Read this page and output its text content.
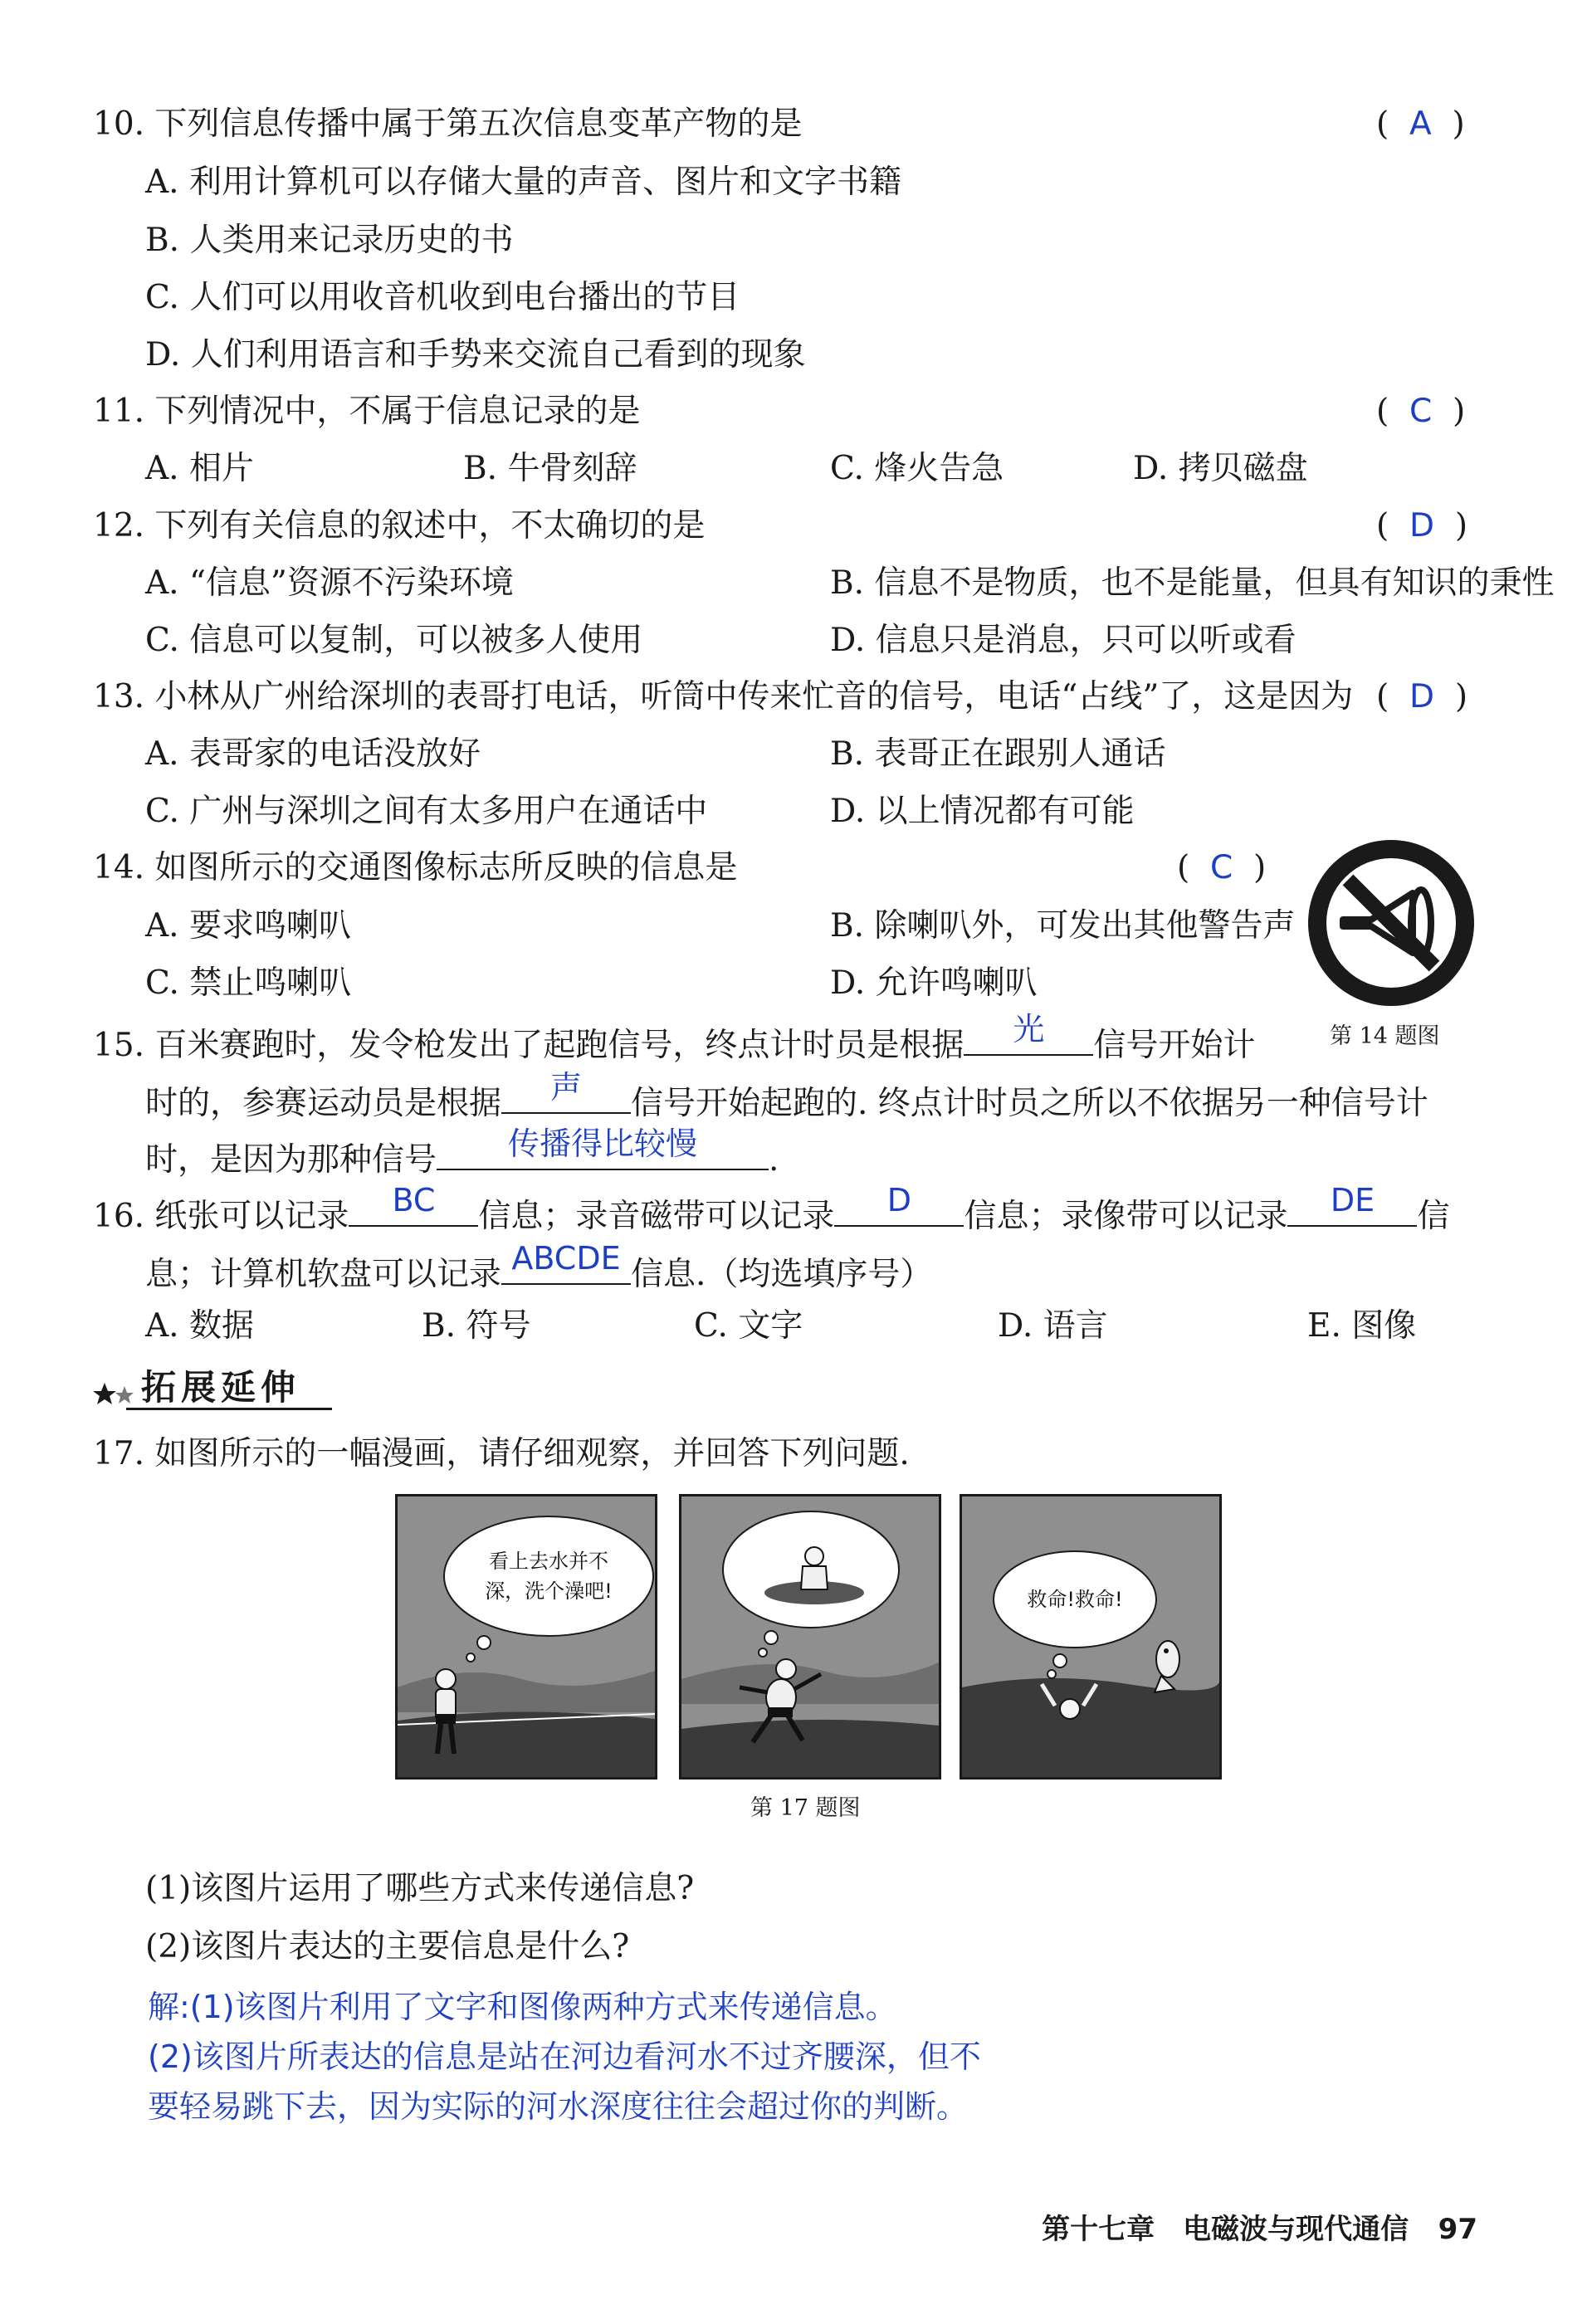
10. 下列信息传播中属于第五次信息变革产物的是	(  A  )
A. 利用计算机可以存储大量的声音、图片和文字书籍
B. 人类用来记录历史的书
C. 人们可以用收音机收到电台播出的节目
D. 人们利用语言和手势来交流自己看到的现象
11. 下列情况中，不属于信息记录的是	(  C  )
A. 相片	B. 牛骨刻辞	C. 烽火告急	D. 拷贝磁盘
12. 下列有关信息的叙述中，不太确切的是	(  D  )
A. “信息”资源不污染环境	B. 信息不是物质，也不是能量，但具有知识的秉性
C. 信息可以复制，可以被多人使用	D. 信息只是消息，只可以听或看
13. 小林从广州给深圳的表哥打电话，听筒中传来忙音的信号，电话“占线”了，这是因为 (  D  )
A. 表哥家的电话没放好	B. 表哥正在跟别人通话
C. 广州与深圳之间有太多用户在通话中	D. 以上情况都有可能
14. 如图所示的交通图像标志所反映的信息是	(  C  )
A. 要求鸣喇叭	B. 除喇叭外，可发出其他警告声
C. 禁止鸣喇叭	D. 允许鸣喇叭
第 14 题图
15. 百米赛跑时，发令枪发出了起跑信号，终点计时员是根据	光	信号开始计
时的，参赛运动员是根据	声	信号开始起跑的. 终点计时员之所以不依据另一种信号计
时，是因为那种信号	传播得比较慢	.
16. 纸张可以记录	BC	信息；录音磁带可以记录	D	信息；录像带可以记录	DE	信
息；计算机软盘可以记录 ABCDE 信息.（均选填序号）
A. 数据	B. 符号	C. 文字	D. 语言	E. 图像
拓展延伸
17. 如图所示的一幅漫画，请仔细观察，并回答下列问题.
看上去水并不
深，洗个澡吧!	救命!救命!
第 17 题图
(1)该图片运用了哪些方式来传递信息?
(2)该图片表达的主要信息是什么?
解:(1)该图片利用了文字和图像两种方式来传递信息。
(2)该图片所表达的信息是站在河边看河水不过齐腰深，但不
要轻易跳下去，因为实际的河水深度往往会超过你的判断。
第十七章　电磁波与现代通信 97
